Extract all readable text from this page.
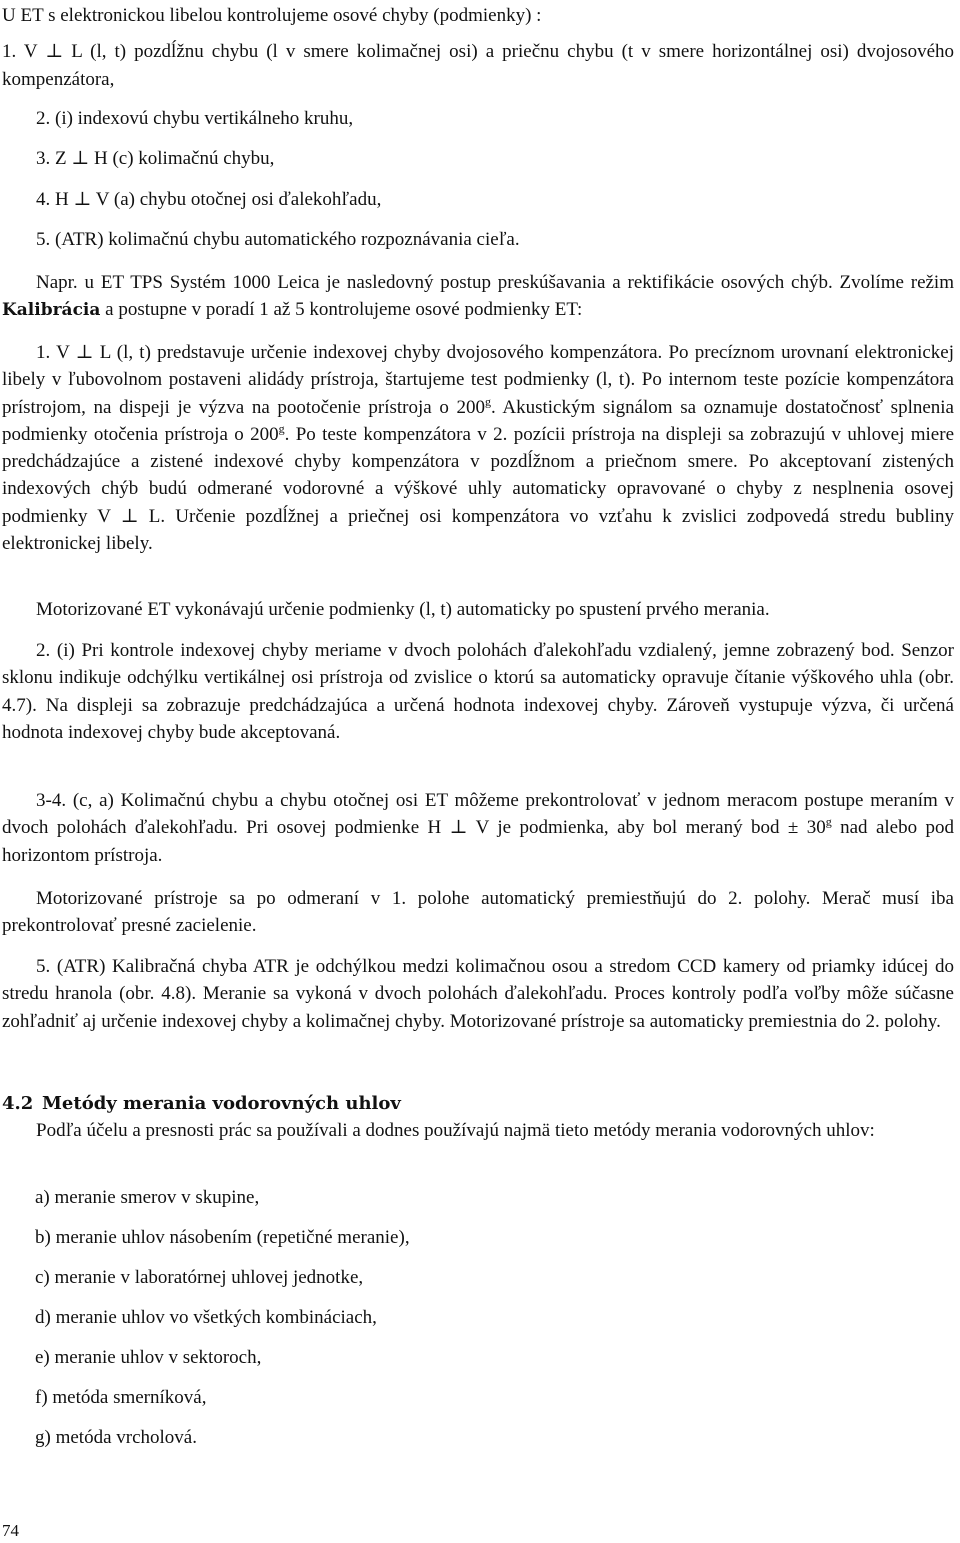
U ET s elektronickou libelou kontrolujeme osové chyby (podmienky) :

1. V ⊥ L (l, t) pozdĺžnu chybu (l v smere kolimačnej osi) a priečnu chybu (t v smere horizontálnej osi) dvojosového kompenzátora,

2. (i) indexovú chybu vertikálneho kruhu,

3. Z ⊥ H (c) kolimačnú chybu,

4. H ⊥ V (a) chybu otočnej osi ďalekohľadu,

5. (ATR) kolimačnú chybu automatického rozpoznávania cieľa.

Napr. u ET TPS Systém 1000 Leica je nasledovný postup preskúšavania a rektifikácie osových chýb. Zvolíme režim Kalibrácia a postupne v poradí 1 až 5 kontrolujeme osové podmienky ET:

1. V ⊥ L (l, t) predstavuje určenie indexovej chyby dvojosového kompenzátora. Po precíznom urovnaní elektronickej libely v ľubovolnom postaveni alidády prístroja, štartujeme test podmienky (l, t). Po internom teste pozície kompenzátora prístrojom, na dispeji je výzva na pootočenie prístroja o 200$^g$. Akustickým signálom sa oznamuje dostatočnosť splnenia podmienky otočenia prístroja o 200$^g$. Po teste kompenzátora v 2. pozícii prístroja na displeji sa zobrazujú v uhlovej miere predchádzajúce a zistené indexové chyby kompenzátora v pozdĺžnom a priečnom smere. Po akceptovaní zistených indexových chýb budú odmerané vodorovné a výškové uhly automaticky opravované o chyby z nesplnenia osovej podmienky V ⊥ L. Určenie pozdĺžnej a priečnej osi kompenzátora vo vzťahu k zvislici zodpovedá stredu bubliny elektronickej libely.

Motorizované ET vykonávajú určenie podmienky (l, t) automaticky po spustení prvého merania.

2. (i) Pri kontrole indexovej chyby meriame v dvoch polohách ďalekohľadu vzdialený, jemne zobrazený bod. Senzor sklonu indikuje odchýlku vertikálnej osi prístroja od zvislice o ktorú sa automaticky opravuje čítanie výškového uhla (obr. 4.7). Na displeji sa zobrazuje predchádzajúca a určená hodnota indexovej chyby. Zároveň vystupuje výzva, či určená hodnota indexovej chyby bude akceptovaná.

3-4. (c, a) Kolimačnú chybu a chybu otočnej osi ET môžeme prekontrolovať v jednom meracom postupe meraním v dvoch polohách ďalekohľadu. Pri osovej podmienke H ⊥ V je podmienka, aby bol meraný bod ± $30^g$ nad alebo pod horizontom prístroja.

Motorizované prístroje sa po odmeraní v 1. polohe automatický premiestňujú do 2. polohy. Merač musí iba prekontrolovať presné zacielenie.

5. (ATR) Kalibračná chyba ATR je odchýlkou medzi kolimačnou osou a stredom CCD kamery od priamky idúcej do stredu hranola (obr. 4.8). Meranie sa vykoná v dvoch polohách ďalekohľadu. Proces kontroly podľa voľby môže súčasne zohľadniť aj určenie indexovej chyby a kolimačnej chyby. Motorizované prístroje sa automaticky premiestnia do 2. polohy.

4.2 Metódy merania vodorovných uhlov

Podľa účelu a presnosti prác sa používali a dodnes používajú najmä tieto metódy merania vodorovných uhlov:

a) meranie smerov v skupine,

b) meranie uhlov násobením (repetičné meranie),

c) meranie v laboratórnej uhlovej jednotke,

d) meranie uhlov vo všetkých kombináciach,

e) meranie uhlov v sektoroch,

f) metóda smerníková,

g) metóda vrcholová.

74
